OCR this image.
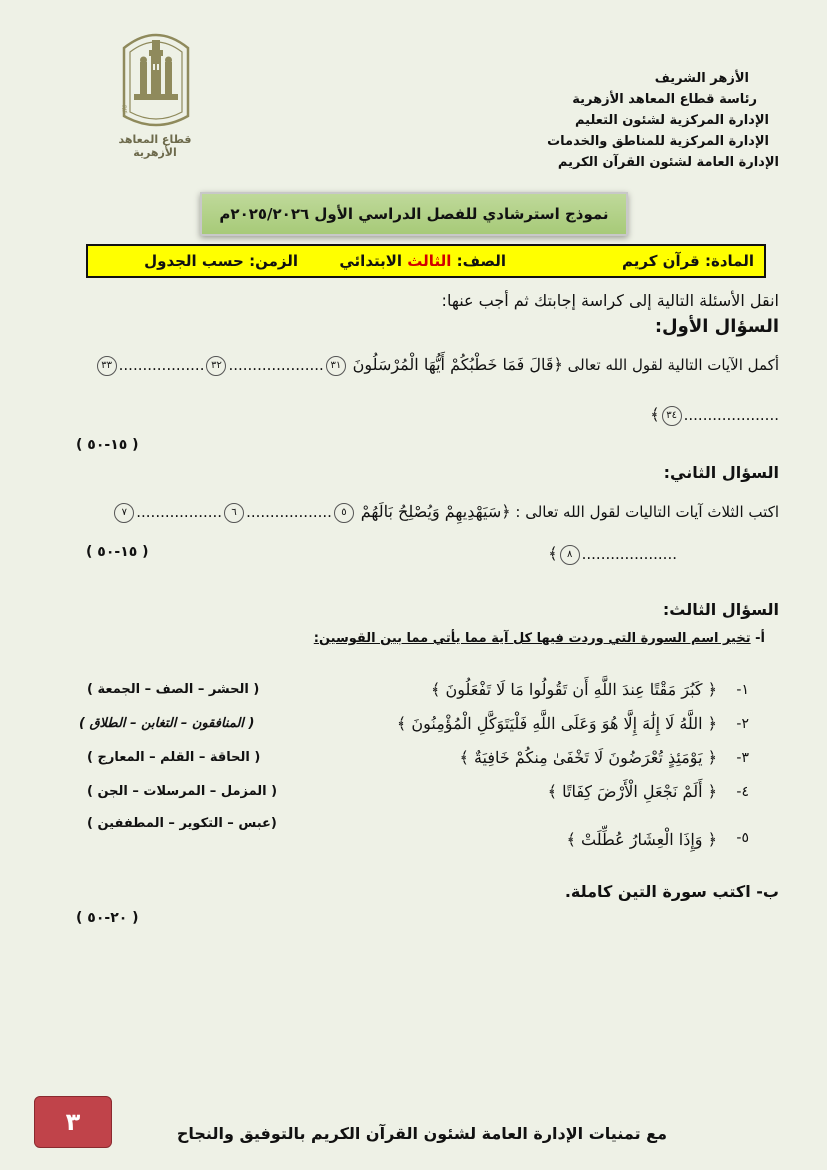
الأزهر الشريف
رئاسة قطاع المعاهد الأزهرية
الإدارة المركزية لشئون التعليم
الإدارة المركزية للمناطق والخدمات
الإدارة العامة لشئون القرآن الكريم
RIF
قطاع المعاهد الأزهرية
نموذج استرشادي للفصل الدراسي الأول ٢٠٢٥/٢٠٢٦م
المادة: قرآن كريم
الصف: الثالث الابتدائي
الزمن: حسب الجدول
انقل الأسئلة التالية إلى كراسة إجابتك ثم أجب عنها:
السؤال الأول:
أكمل الآيات التالية لقول الله تعالى ﴿قَالَ فَمَا خَطْبُكُمْ أَيُّهَا الْمُرْسَلُونَ ٣١....................٣٢..................٣٣
....................٣٤﴾
( ١٥-٥٠ )
السؤال الثاني:
اكتب الثلاث آيات التاليات لقول الله تعالى : ﴿سَيَهْدِيهِمْ وَيُصْلِحُ بَالَهُمْ ٥..................٦..................٧
....................٨﴾
( ١٥-٥٠ )
السؤال الثالث:
أ- تخير اسم السورة التي وردت فيها كل آية مما يأتي مما بين القوسين:
١-
﴿ كَبُرَ مَقْتًا عِندَ اللَّهِ أَن تَقُولُوا مَا لَا تَفْعَلُونَ ﴾
( الحشر – الصف – الجمعة )
٢-
﴿ اللَّهُ لَا إِلَٰهَ إِلَّا هُوَ وَعَلَى اللَّهِ فَلْيَتَوَكَّلِ الْمُؤْمِنُونَ ﴾
( المنافقون – التغابن – الطلاق )
٣-
﴿ يَوْمَئِذٍ تُعْرَضُونَ لَا تَخْفَىٰ مِنكُمْ خَافِيَةٌ ﴾
( الحاقة – القلم – المعارج )
٤-
﴿ أَلَمْ نَجْعَلِ الْأَرْضَ كِفَاتًا ﴾
( المزمل – المرسلات – الجن )
٥-
﴿ وَإِذَا الْعِشَارُ عُطِّلَتْ ﴾
(عبس – التكوير – المطففين )
ب- اكتب سورة التين كاملة.
( ٢٠-٥٠ )
٣	مع تمنيات الإدارة العامة لشئون القرآن الكريم بالتوفيق والنجاح
